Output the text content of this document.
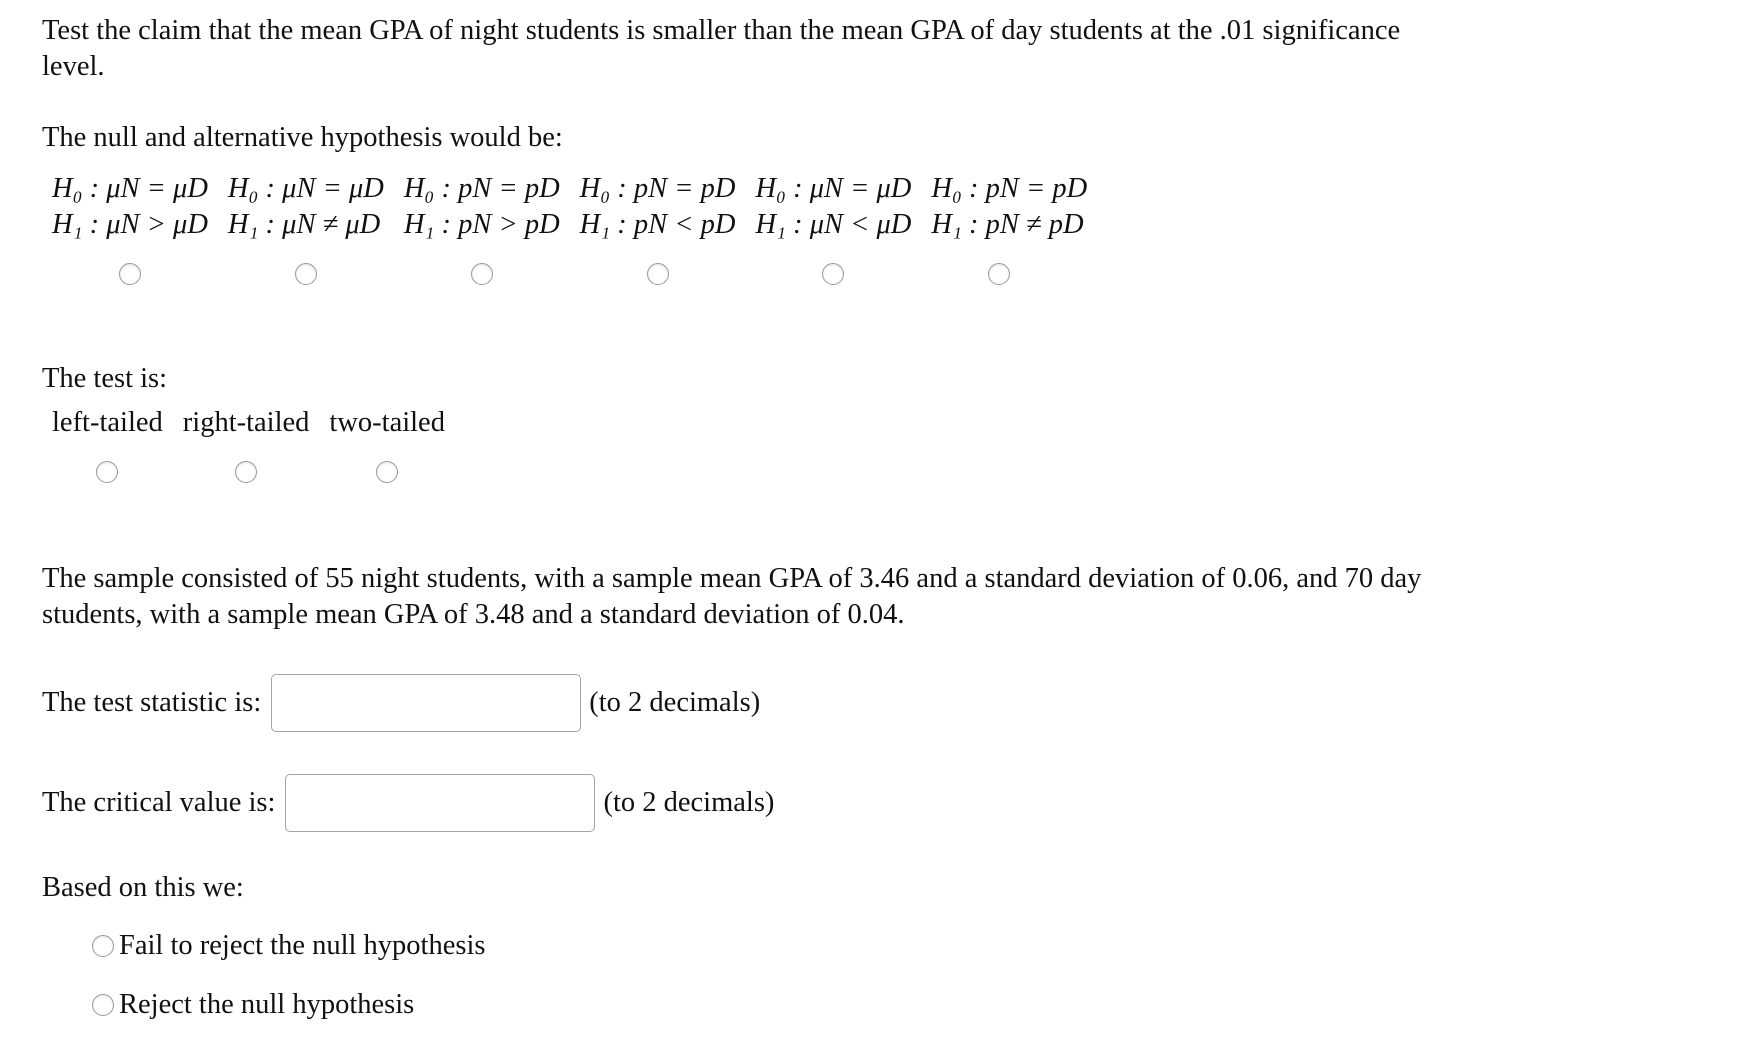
Test the claim that the mean GPA of night students is smaller than the mean GPA of day students at the .01 significance level.
The null and alternative hypothesis would be:
H₀ : μN = μD	H₀ : μN = μD	H₀ : pN = pD	H₀ : pN = pD	H₀ : μN = μD	H₀ : pN = pD
H₁ : μN > μD	H₁ : μN ≠ μD	H₁ : pN > pD	H₁ : pN < pD	H₁ : μN < μD	H₁ : pN ≠ pD

The test is:
left-tailed	right-tailed	two-tailed

The sample consisted of 55 night students, with a sample mean GPA of 3.46 and a standard deviation of 0.06, and 70 day students, with a sample mean GPA of 3.48 and a standard deviation of 0.04.
The test statistic is:	(to 2 decimals)
The critical value is:	(to 2 decimals)
Based on this we:
Fail to reject the null hypothesis
Reject the null hypothesis
